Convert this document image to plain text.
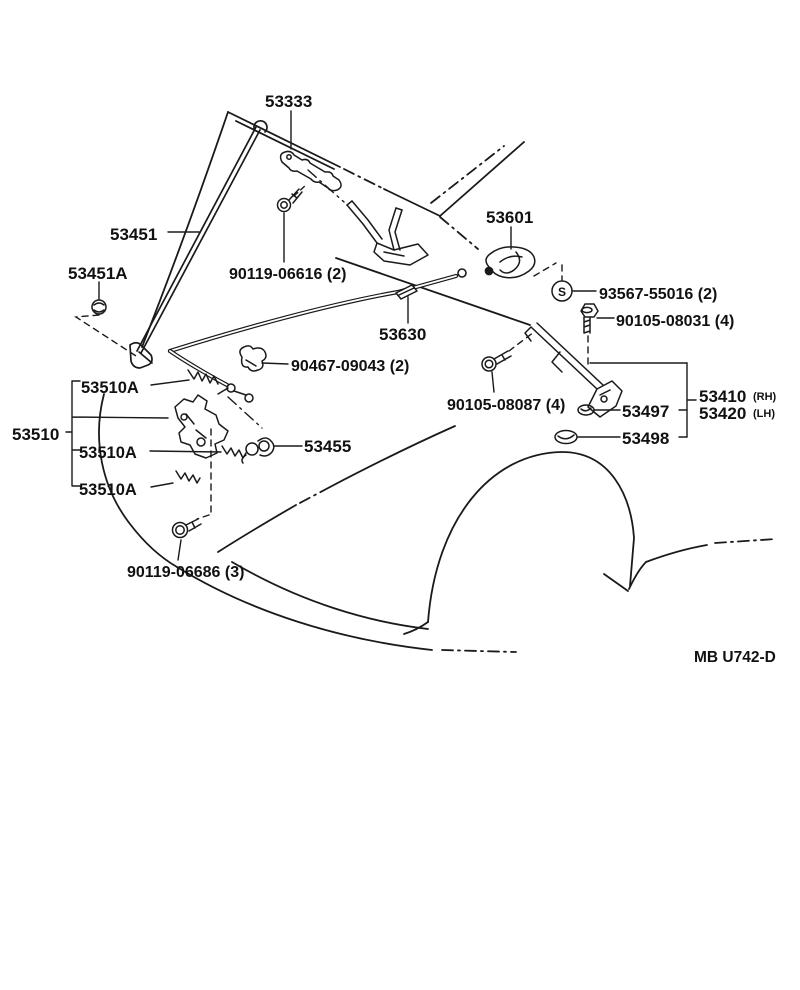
53333
53451
53451A	90119-06616 (2)
53601
S 93567-55016 (2)
90105-08031 (4)
53630
90467-09043 (2)
53510A
90105-08087 (4)	53410 (RH)
53420 (LH)
53497
53498
53510
53510A	53455
53510A
90119-06686 (3)
MB U742-D
